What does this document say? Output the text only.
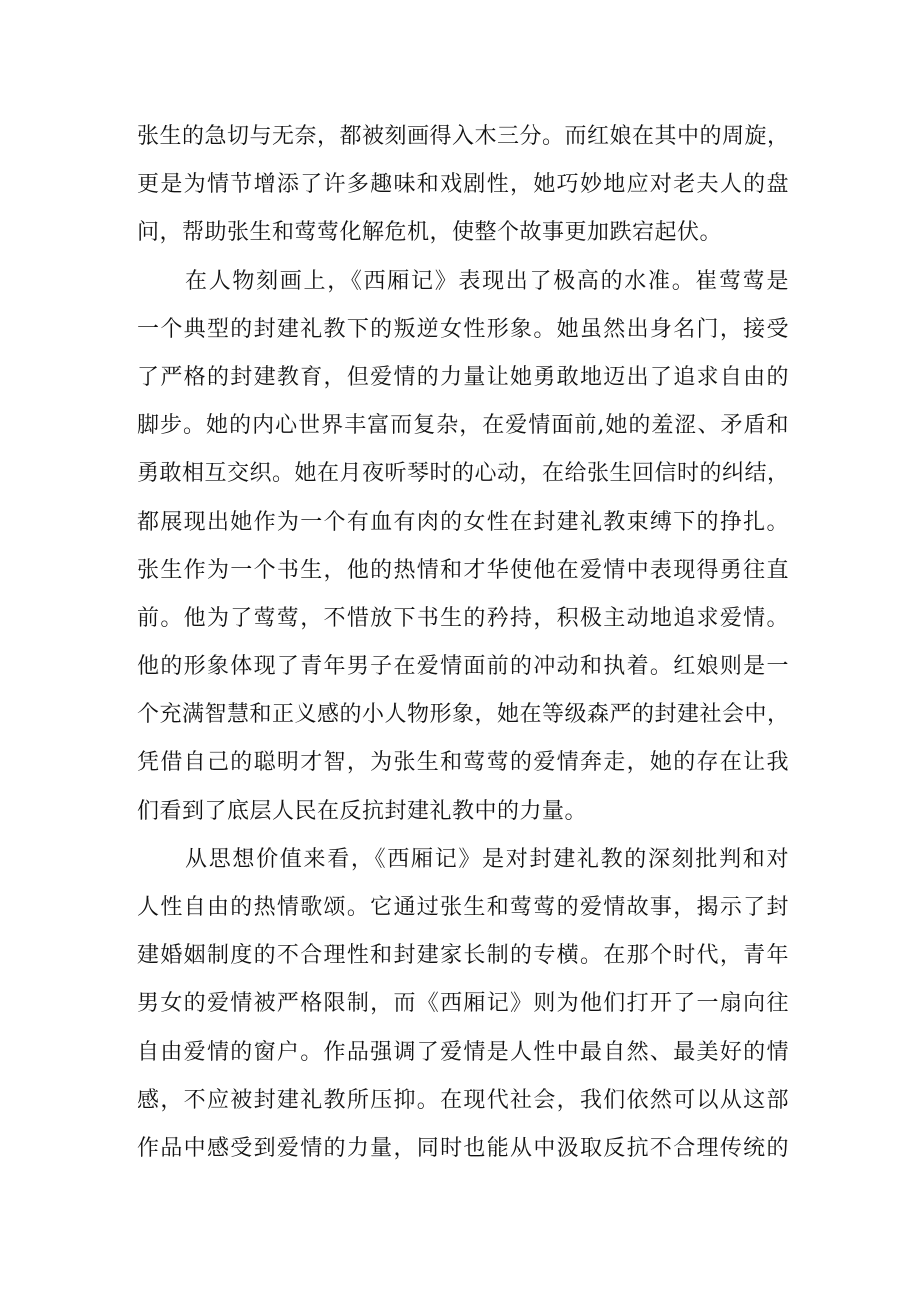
张生的急切与无奈，都被刻画得入木三分。而红娘在其中的周旋，
更是为情节增添了许多趣味和戏剧性，她巧妙地应对老夫人的盘
问，帮助张生和莺莺化解危机，使整个故事更加跌宕起伏。
在人物刻画上，《西厢记》表现出了极高的水准。崔莺莺是
一个典型的封建礼教下的叛逆女性形象。她虽然出身名门，接受
了严格的封建教育，但爱情的力量让她勇敢地迈出了追求自由的
脚步。她的内心世界丰富而复杂，在爱情面前,她的羞涩、矛盾和
勇敢相互交织。她在月夜听琴时的心动，在给张生回信时的纠结，
都展现出她作为一个有血有肉的女性在封建礼教束缚下的挣扎。
张生作为一个书生，他的热情和才华使他在爱情中表现得勇往直
前。他为了莺莺，不惜放下书生的矜持，积极主动地追求爱情。
他的形象体现了青年男子在爱情面前的冲动和执着。红娘则是一
个充满智慧和正义感的小人物形象，她在等级森严的封建社会中，
凭借自己的聪明才智，为张生和莺莺的爱情奔走，她的存在让我
们看到了底层人民在反抗封建礼教中的力量。
从思想价值来看，《西厢记》是对封建礼教的深刻批判和对
人性自由的热情歌颂。它通过张生和莺莺的爱情故事，揭示了封
建婚姻制度的不合理性和封建家长制的专横。在那个时代，青年
男女的爱情被严格限制，而《西厢记》则为他们打开了一扇向往
自由爱情的窗户。作品强调了爱情是人性中最自然、最美好的情
感，不应被封建礼教所压抑。在现代社会，我们依然可以从这部
作品中感受到爱情的力量，同时也能从中汲取反抗不合理传统的
